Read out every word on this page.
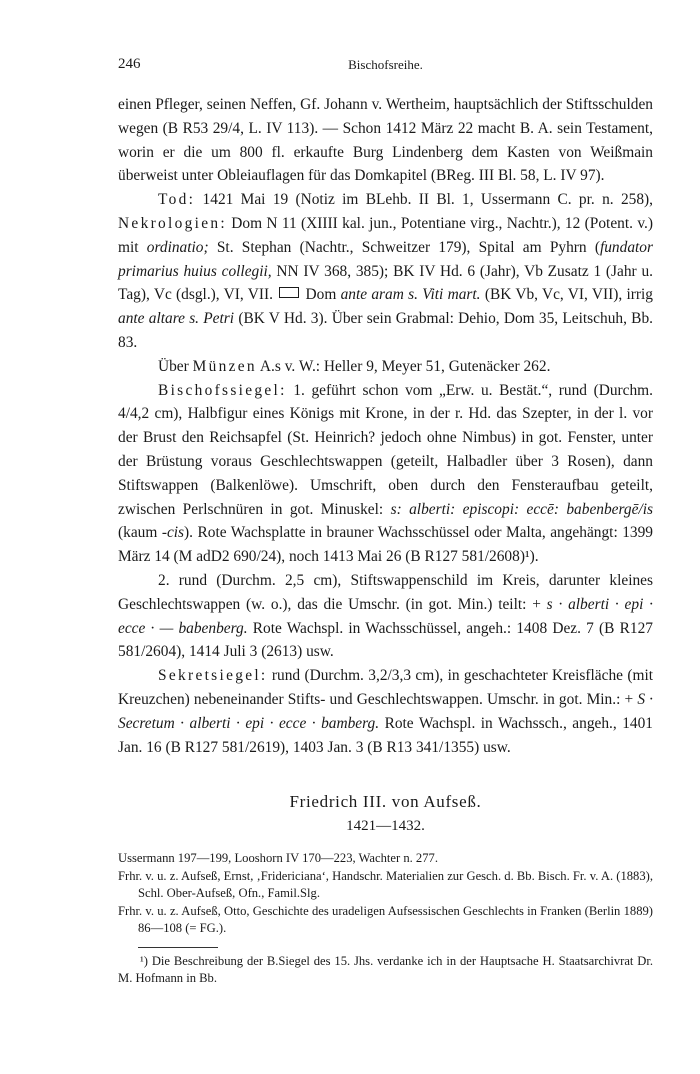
246	Bischofsreihe.

einen Pfleger, seinen Neffen, Gf. Johann v. Wertheim, hauptsächlich der Stiftsschulden wegen (B R53 29/4, L. IV 113). — Schon 1412 März 22 macht B. A. sein Testament, worin er die um 800 fl. erkaufte Burg Lindenberg dem Kasten von Weißmain überweist unter Obleiauflagen für das Domkapitel (BReg. III Bl. 58, L. IV 97).

Tod: 1421 Mai 19 (Notiz im BLehb. II Bl. 1, Ussermann C. pr. n. 258), Nekrologien: Dom N 11 (XIIII kal. jun., Potentiane virg., Nachtr.), 12 (Potent. v.) mit ordinatio; St. Stephan (Nachtr., Schweitzer 179), Spital am Pyhrn (fundator primarius huius collegii, NN IV 368, 385); BK IV Hd. 6 (Jahr), Vb Zusatz 1 (Jahr u. Tag), Vc (dsgl.), VI, VII.  Dom ante aram s. Viti mart. (BK Vb, Vc, VI, VII), irrig ante altare s. Petri (BK V Hd. 3). Über sein Grabmal: Dehio, Dom 35, Leitschuh, Bb. 83.

Über Münzen A.s v. W.: Heller 9, Meyer 51, Gutenäcker 262.

Bischofssiegel: 1. geführt schon vom „Erw. u. Bestät.“, rund (Durchm. 4/4,2 cm), Halbfigur eines Königs mit Krone, in der r. Hd. das Szepter, in der l. vor der Brust den Reichsapfel (St. Heinrich? jedoch ohne Nimbus) in got. Fenster, unter der Brüstung voraus Geschlechtswappen (geteilt, Halbadler über 3 Rosen), dann Stiftswappen (Balkenlöwe). Umschrift, oben durch den Fensteraufbau geteilt, zwischen Perlschnüren in got. Minuskel: s: alberti: episcopi: eccē: babenbergē/is (kaum -cis). Rote Wachsplatte in brauner Wachsschüssel oder Malta, angehängt: 1399 März 14 (M adD2 690/24), noch 1413 Mai 26 (B R127 581/2608)¹).

2. rund (Durchm. 2,5 cm), Stiftswappenschild im Kreis, darunter kleines Geschlechtswappen (w. o.), das die Umschr. (in got. Min.) teilt: + s · alberti · epi · ecce · — babenberg. Rote Wachspl. in Wachsschüssel, angeh.: 1408 Dez. 7 (B R127 581/2604), 1414 Juli 3 (2613) usw.

Sekretsiegel: rund (Durchm. 3,2/3,3 cm), in geschachteter Kreisfläche (mit Kreuzchen) nebeneinander Stifts- und Geschlechtswappen. Umschr. in got. Min.: + S · Secretum · alberti · epi · ecce · bamberg. Rote Wachspl. in Wachssch., angeh., 1401 Jan. 16 (B R127 581/2619), 1403 Jan. 3 (B R13 341/1355) usw.

Friedrich III. von Aufseß.
1421—1432.

Ussermann 197—199, Looshorn IV 170—223, Wachter n. 277.

Frhr. v. u. z. Aufseß, Ernst, ‚Fridericiana‘, Handschr. Materialien zur Gesch. d. Bb. Bisch. Fr. v. A. (1883), Schl. Ober-Aufseß, Ofn., Famil.Slg.

Frhr. v. u. z. Aufseß, Otto, Geschichte des uradeligen Aufsessischen Geschlechts in Franken (Berlin 1889) 86—108 (= FG.).

¹) Die Beschreibung der B.Siegel des 15. Jhs. verdanke ich in der Hauptsache H. Staatsarchivrat Dr. M. Hofmann in Bb.
